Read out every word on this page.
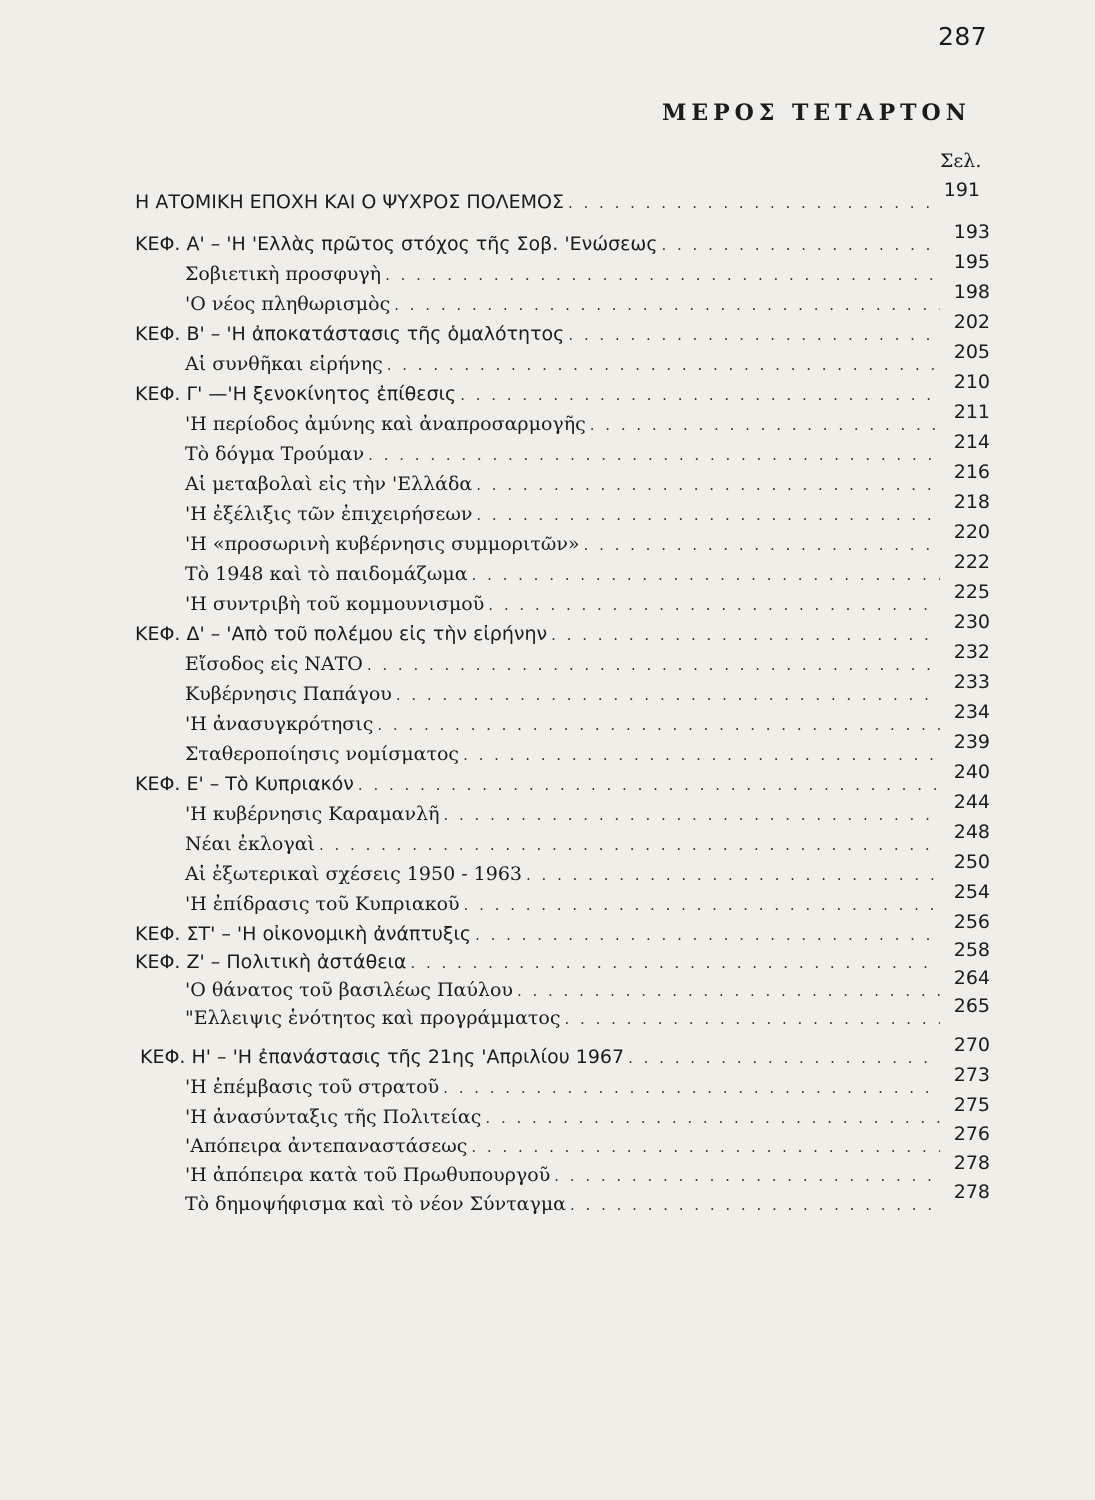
287
ΜΕΡΟΣ ΤΕΤΑΡΤΟΝ
Σελ.
Η ΑΤΟΜΙΚΗ ΕΠΟΧΗ ΚΑΙ Ο ΨΥΧΡΟΣ ΠΟΛΕΜΟΣ
. . .
191
ΚΕΦ. Α' – 'Η 'Ελλὰς πρῶτος στόχος τῆς Σοβ. 'Ενώσεως
. . .
193
Σοβιετικὴ προσφυγὴ
. . .
195
'Ο νέος πληθωρισμὸς
. . .
198
ΚΕΦ. Β' – 'Η ἀποκατάστασις τῆς ὁμαλότητος
. . .
202
Αἱ συνθῆκαι εἰρήνης
. . .
205
ΚΕΦ. Γ' —'Η ξενοκίνητος ἐπίθεσις
. . .
210
'Η περίοδος ἀμύνης καὶ ἀναπροσαρμογῆς
. . .
211
Τὸ δόγμα Τρούμαν
. . .
214
Αἱ μεταβολαὶ εἰς τὴν 'Ελλάδα
. . .
216
'Η ἐξέλιξις τῶν ἐπιχειρήσεων
. . .
218
'Η «προσωρινὴ κυβέρνησις συμμοριτῶν»
. . .
220
Τὸ 1948 καὶ τὸ παιδομάζωμα
. . .
222
'Η συντριβὴ τοῦ κομμουνισμοῦ
. . .
225
ΚΕΦ. Δ' – 'Απὸ τοῦ πολέμου εἰς τὴν εἰρήνην
. . .
230
Εἴσοδος εἰς ΝΑΤΟ
. . .
232
Κυβέρνησις Παπάγου
. . .
233
'Η ἀνασυγκρότησις
. . .
234
Σταθεροποίησις νομίσματος
. . .
239
ΚΕΦ. Ε' – Τὸ Κυπριακόν
. . .
240
'Η κυβέρνησις Καραμανλῆ
. . .
244
Νέαι ἐκλογαὶ
. . .
248
Αἱ ἐξωτερικαὶ σχέσεις 1950 - 1963
. . .
250
'Η ἐπίδρασις τοῦ Κυπριακοῦ
. . .
254
ΚΕΦ. ΣΤ' – 'Η οἰκονομικὴ ἀνάπτυξις
. . .
256
ΚΕΦ. Ζ' – Πολιτικὴ ἀστάθεια
. . .
258
'Ο θάνατος τοῦ βασιλέως Παύλου
. . .
264
"Ελλειψις ἑνότητος καὶ προγράμματος
. . .
265
ΚΕΦ. Η' – 'Η ἐπανάστασις τῆς 21ης 'Απριλίου 1967
. . .
270
'Η ἐπέμβασις τοῦ στρατοῦ
. . .
273
'Η ἀνασύνταξις τῆς Πολιτείας
. . .
275
'Απόπειρα ἀντεπαναστάσεως
. . .
276
'Η ἀπόπειρα κατὰ τοῦ Πρωθυπουργοῦ
. . .
278
Τὸ δημοψήφισμα καὶ τὸ νέον Σύνταγμα
. . .
278
